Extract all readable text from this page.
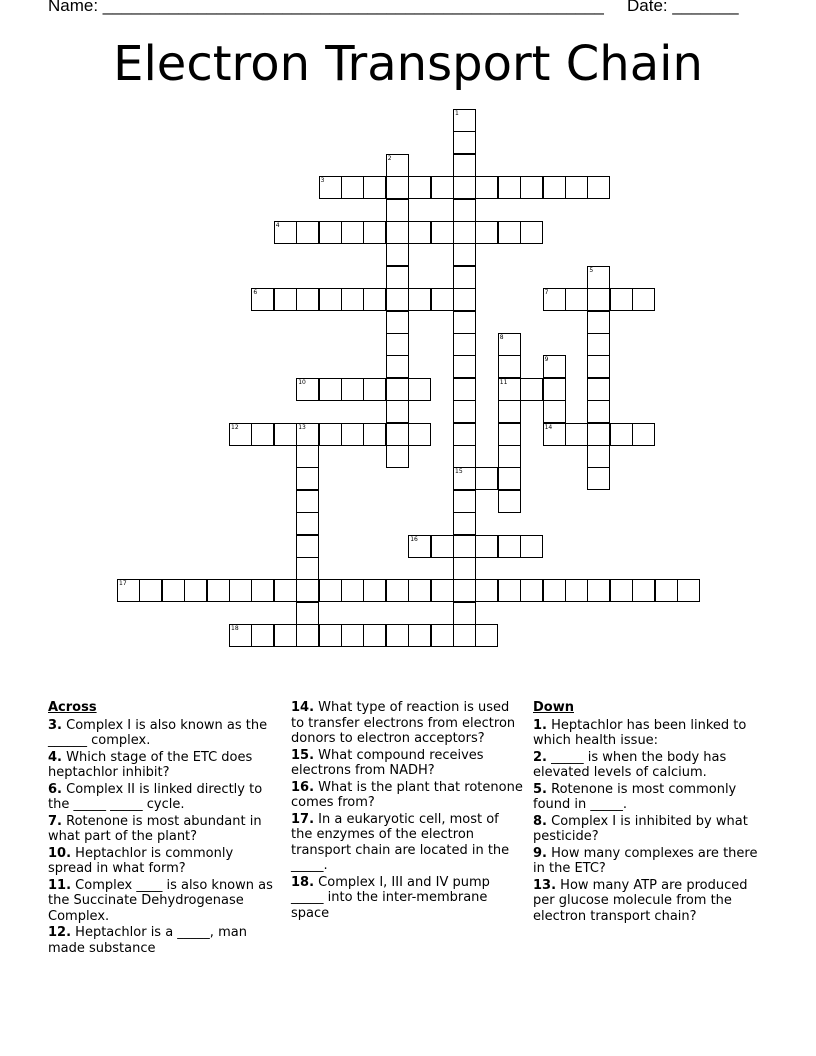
Name: _____________________________________________________ Date: _______
Electron Transport Chain
1
15
2
3
4
5
6	7
8
11
9
14
10
12	13
16
17
18
Across
3. Complex I is also known as the ______ complex.
4. Which stage of the ETC does heptachlor inhibit?
6. Complex II is linked directly to the _____ _____ cycle.
7. Rotenone is most abundant in what part of the plant?
10. Heptachlor is commonly spread in what form?
11. Complex ____ is also known as the Succinate Dehydrogenase Complex.
12. Heptachlor is a _____, man made substance
14. What type of reaction is used to transfer electrons from electron donors to electron acceptors?
15. What compound receives electrons from NADH?
16. What is the plant that rotenone comes from?
17. In a eukaryotic cell, most of the enzymes of the electron transport chain are located in the _____.
18. Complex I, III and IV pump _____ into the inter-membrane space
Down
1. Heptachlor has been linked to which health issue:
2. _____ is when the body has elevated levels of calcium.
5. Rotenone is most commonly found in _____.
8. Complex I is inhibited by what pesticide?
9. How many complexes are there in the ETC?
13. How many ATP are produced per glucose molecule from the electron transport chain?
